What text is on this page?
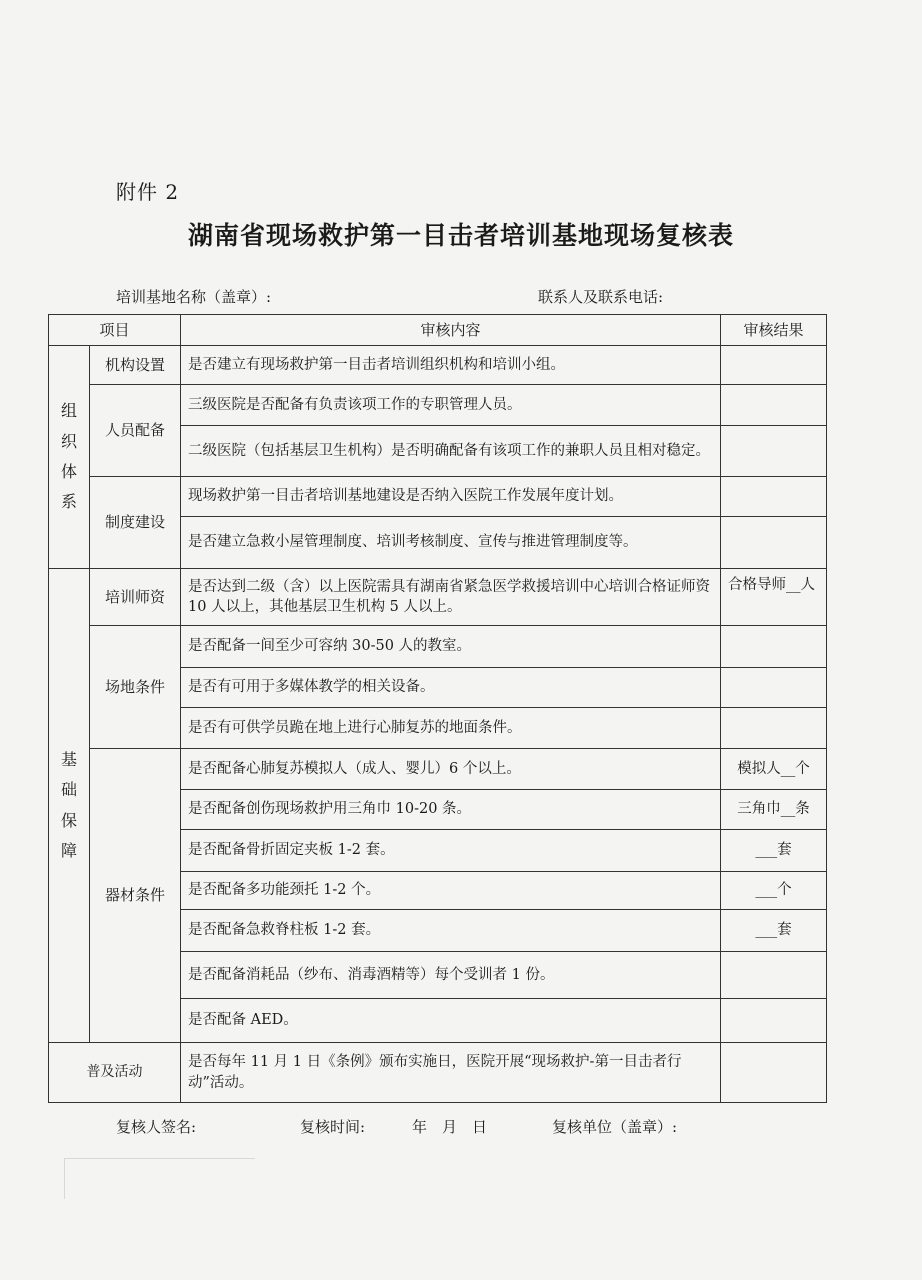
附件 2
湖南省现场救护第一目击者培训基地现场复核表
培训基地名称（盖章）:	联系人及联系电话:
项目		审核内容	审核结果

组
织
体
系	机构设置	是否建立有现场救护第一目击者培训组织机构和培训小组。	
	人员配备	三级医院是否配备有负责该项工作的专职管理人员。	
		二级医院（包括基层卫生机构）是否明确配备有该项工作的兼职人员且相对稳定。	
	制度建设	现场救护第一目击者培训基地建设是否纳入医院工作发展年度计划。	
		是否建立急救小屋管理制度、培训考核制度、宣传与推进管理制度等。	

基
础
保
障	培训师资	是否达到二级（含）以上医院需具有湖南省紧急医学救援培训中心培训合格证师资 10 人以上，其他基层卫生机构 5 人以上。	合格导师__人
	场地条件	是否配备一间至少可容纳 30-50 人的教室。	
		是否有可用于多媒体教学的相关设备。	
		是否有可供学员跪在地上进行心肺复苏的地面条件。	
	器材条件	是否配备心肺复苏模拟人（成人、婴儿）6 个以上。	模拟人__个
		是否配备创伤现场救护用三角巾 10-20 条。	三角巾__条
		是否配备骨折固定夹板 1-2 套。	___套
		是否配备多功能颈托 1-2 个。	___个
		是否配备急救脊柱板 1-2 套。	___套
		是否配备消耗品（纱布、消毒酒精等）每个受训者 1 份。	
		是否配备 AED。	
普及活动		是否每年 11 月 1 日《条例》颁布实施日，医院开展“现场救护-第一目击者行动”活动。	
复核人签名:	复核时间:	年　月　日	复核单位（盖章）:
